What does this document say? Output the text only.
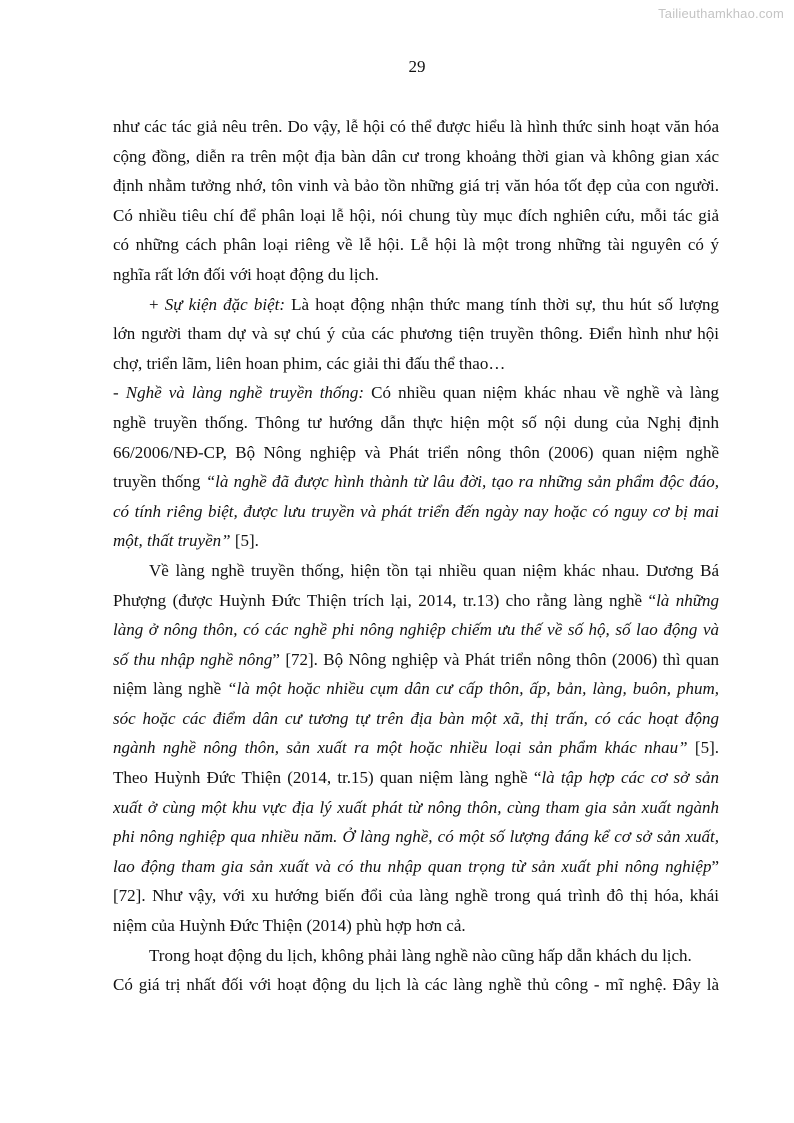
Tailieuthamkhao.com
29
như các tác giả nêu trên. Do vậy, lễ hội có thể được hiểu là hình thức sinh hoạt văn hóa
cộng đồng, diễn ra trên một địa bàn dân cư trong khoảng thời gian và không gian xác
định nhằm tưởng nhớ, tôn vinh và bảo tồn những giá trị văn hóa tốt đẹp của con người.
Có nhiều tiêu chí để phân loại lễ hội, nói chung tùy mục đích nghiên cứu, mỗi tác giả
có những cách phân loại riêng về lễ hội. Lễ hội là một trong những tài nguyên có ý
nghĩa rất lớn đối với hoạt động du lịch.
+ Sự kiện đặc biệt: Là hoạt động nhận thức mang tính thời sự, thu hút số lượng
lớn người tham dự và sự chú ý của các phương tiện truyền thông. Điển hình như hội
chợ, triển lãm, liên hoan phim, các giải thi đấu thể thao…
- Nghề và làng nghề truyền thống: Có nhiều quan niệm khác nhau về nghề và làng
nghề truyền thống. Thông tư hướng dẫn thực hiện một số nội dung của Nghị định
66/2006/NĐ-CP, Bộ Nông nghiệp và Phát triển nông thôn (2006) quan niệm nghề
truyền thống “là nghề đã được hình thành từ lâu đời, tạo ra những sản phẩm độc đáo,
có tính riêng biệt, được lưu truyền và phát triển đến ngày nay hoặc có nguy cơ bị mai
một, thất truyền” [5].
Về làng nghề truyền thống, hiện tồn tại nhiều quan niệm khác nhau. Dương Bá
Phượng (được Huỳnh Đức Thiện trích lại, 2014, tr.13) cho rằng làng nghề “là những
làng ở nông thôn, có các nghề phi nông nghiệp chiếm ưu thế về số hộ, số lao động và
số thu nhập nghề nông” [72]. Bộ Nông nghiệp và Phát triển nông thôn (2006) thì quan
niệm làng nghề “là một hoặc nhiều cụm dân cư cấp thôn, ấp, bản, làng, buôn, phum,
sóc hoặc các điểm dân cư tương tự trên địa bàn một xã, thị trấn, có các hoạt động
ngành nghề nông thôn, sản xuất ra một hoặc nhiều loại sản phẩm khác nhau” [5].
Theo Huỳnh Đức Thiện (2014, tr.15) quan niệm làng nghề “là tập hợp các cơ sở sản
xuất ở cùng một khu vực địa lý xuất phát từ nông thôn, cùng tham gia sản xuất ngành
phi nông nghiệp qua nhiều năm. Ở làng nghề, có một số lượng đáng kể cơ sở sản xuất,
lao động tham gia sản xuất và có thu nhập quan trọng từ sản xuất phi nông nghiệp”
[72]. Như vậy, với xu hướng biến đổi của làng nghề trong quá trình đô thị hóa, khái
niệm của Huỳnh Đức Thiện (2014) phù hợp hơn cả.
Trong hoạt động du lịch, không phải làng nghề nào cũng hấp dẫn khách du lịch.
Có giá trị nhất đối với hoạt động du lịch là các làng nghề thủ công - mĩ nghệ. Đây là
